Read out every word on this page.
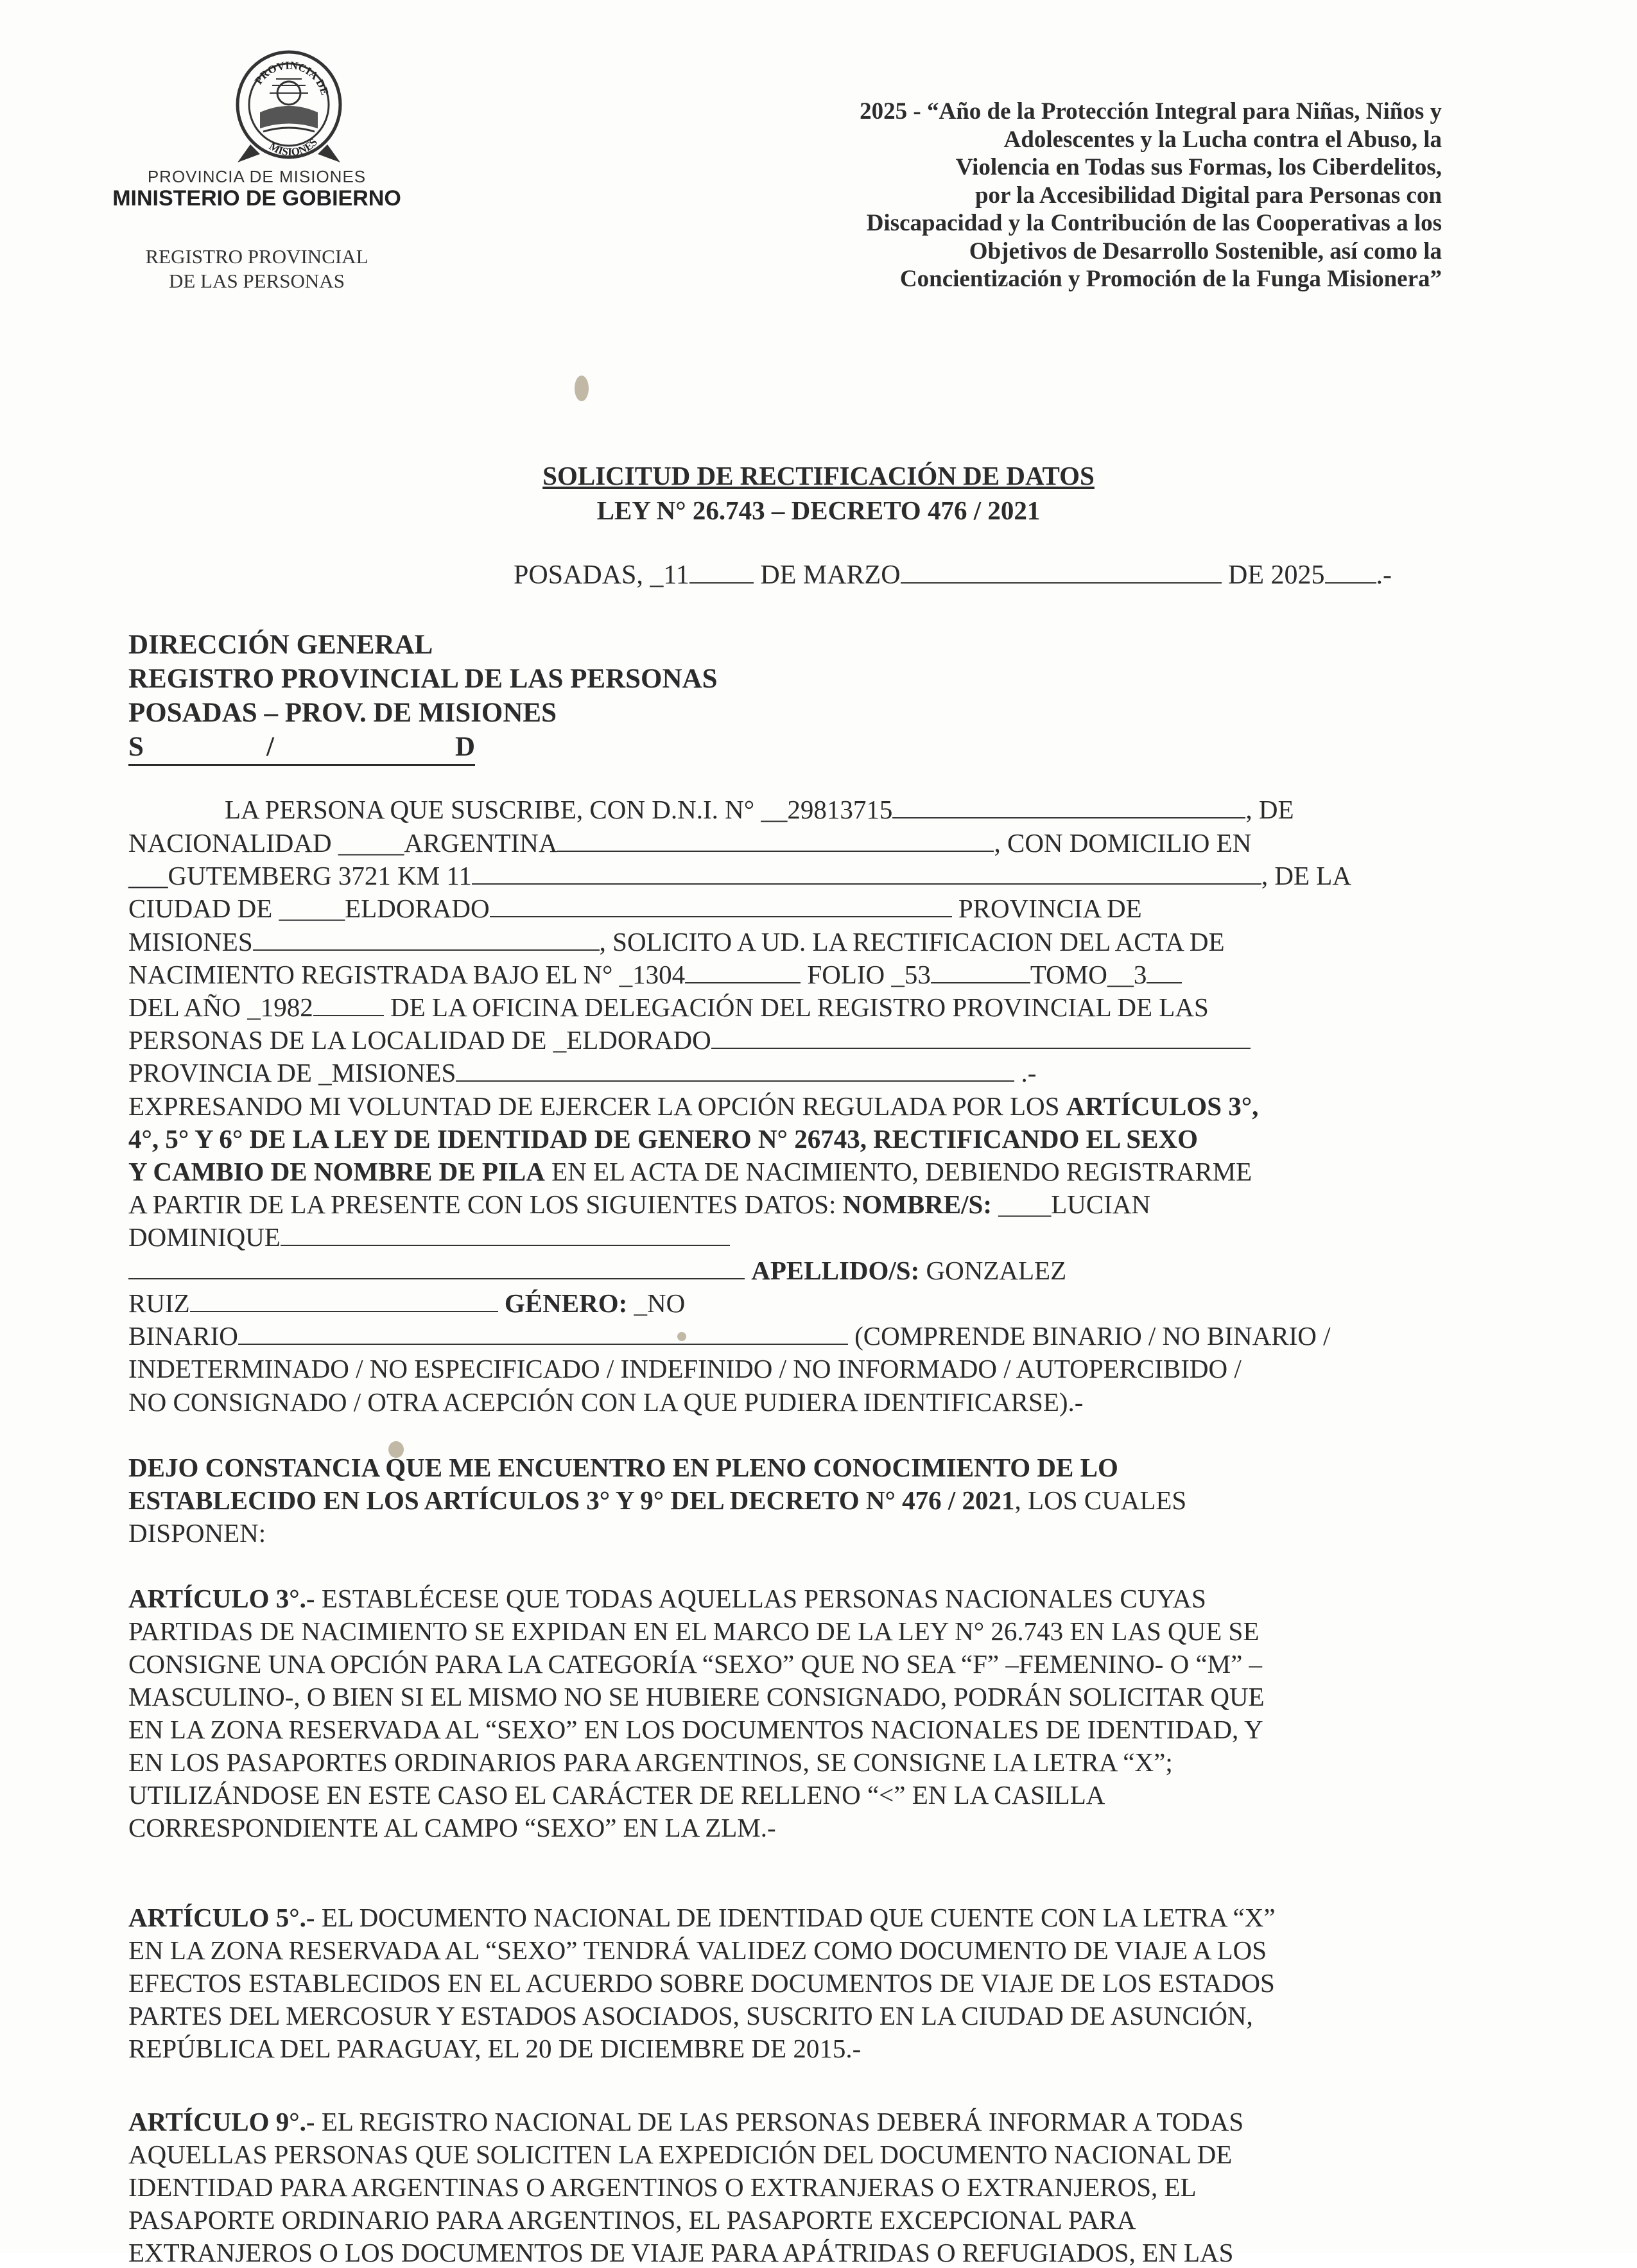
PROVINCIA DE
MISIONES
PROVINCIA DE MISIONES
MINISTERIO DE GOBIERNO
REGISTRO PROVINCIAL
DE LAS PERSONAS
2025 - “Año de la Protección Integral para Niñas, Niños y
Adolescentes y la Lucha contra el Abuso, la
Violencia en Todas sus Formas, los Ciberdelitos,
por la Accesibilidad Digital para Personas con
Discapacidad y la Contribución de las Cooperativas a los
Objetivos de Desarrollo Sostenible, así como la
Concientización y Promoción de la Funga Misionera”
SOLICITUD DE RECTIFICACIÓN DE DATOS
LEY N° 26.743 – DECRETO 476 / 2021
POSADAS, _11	DE MARZO	DE 2025 .-
DIRECCIÓN GENERAL
REGISTRO PROVINCIAL DE LAS PERSONAS
POSADAS – PROV. DE MISIONES
S	/	D
LA PERSONA QUE SUSCRIBE, CON D.N.I. N° __29813715	, DE
NACIONALIDAD _____ARGENTINA	, CON DOMICILIO EN
___GUTEMBERG 3721 KM 11	, DE LA
CIUDAD DE _____ELDORADO	PROVINCIA DE
MISIONES	, SOLICITO A UD. LA RECTIFICACION DEL ACTA DE
NACIMIENTO REGISTRADA BAJO EL N° _1304	FOLIO _53	TOMO__3
DEL AÑO _1982	DE LA OFICINA DELEGACIÓN DEL REGISTRO PROVINCIAL DE LAS
PERSONAS DE LA LOCALIDAD DE _ELDORADO
PROVINCIA DE _MISIONES	.-
EXPRESANDO MI VOLUNTAD DE EJERCER LA OPCIÓN REGULADA POR LOS ARTÍCULOS 3°,
4°, 5° Y 6° DE LA LEY DE IDENTIDAD DE GENERO N° 26743, RECTIFICANDO EL SEXO
Y CAMBIO DE NOMBRE DE PILA EN EL ACTA DE NACIMIENTO, DEBIENDO REGISTRARME
A PARTIR DE LA PRESENTE CON LOS SIGUIENTES DATOS: NOMBRE/S: ____LUCIAN
DOMINIQUE
APELLIDO/S: GONZALEZ
RUIZ	GÉNERO: _NO
BINARIO	(COMPRENDE BINARIO / NO BINARIO /
INDETERMINADO / NO ESPECIFICADO / INDEFINIDO / NO INFORMADO / AUTOPERCIBIDO /
NO CONSIGNADO / OTRA ACEPCIÓN CON LA QUE PUDIERA IDENTIFICARSE).-
DEJO CONSTANCIA QUE ME ENCUENTRO EN PLENO CONOCIMIENTO DE LO
ESTABLECIDO EN LOS ARTÍCULOS 3° Y 9° DEL DECRETO N° 476 / 2021, LOS CUALES
DISPONEN:
ARTÍCULO 3°.- ESTABLÉCESE QUE TODAS AQUELLAS PERSONAS NACIONALES CUYAS
PARTIDAS DE NACIMIENTO SE EXPIDAN EN EL MARCO DE LA LEY N° 26.743 EN LAS QUE SE
CONSIGNE UNA OPCIÓN PARA LA CATEGORÍA “SEXO” QUE NO SEA “F” –FEMENINO- O “M” –
MASCULINO-, O BIEN SI EL MISMO NO SE HUBIERE CONSIGNADO, PODRÁN SOLICITAR QUE
EN LA ZONA RESERVADA AL “SEXO” EN LOS DOCUMENTOS NACIONALES DE IDENTIDAD, Y
EN LOS PASAPORTES ORDINARIOS PARA ARGENTINOS, SE CONSIGNE LA LETRA “X”;
UTILIZÁNDOSE EN ESTE CASO EL CARÁCTER DE RELLENO “<” EN LA CASILLA
CORRESPONDIENTE AL CAMPO “SEXO” EN LA ZLM.-
ARTÍCULO 5°.- EL DOCUMENTO NACIONAL DE IDENTIDAD QUE CUENTE CON LA LETRA “X”
EN LA ZONA RESERVADA AL “SEXO” TENDRÁ VALIDEZ COMO DOCUMENTO DE VIAJE A LOS
EFECTOS ESTABLECIDOS EN EL ACUERDO SOBRE DOCUMENTOS DE VIAJE DE LOS ESTADOS
PARTES DEL MERCOSUR Y ESTADOS ASOCIADOS, SUSCRITO EN LA CIUDAD DE ASUNCIÓN,
REPÚBLICA DEL PARAGUAY, EL 20 DE DICIEMBRE DE 2015.-
ARTÍCULO 9°.- EL REGISTRO NACIONAL DE LAS PERSONAS DEBERÁ INFORMAR A TODAS
AQUELLAS PERSONAS QUE SOLICITEN LA EXPEDICIÓN DEL DOCUMENTO NACIONAL DE
IDENTIDAD PARA ARGENTINAS O ARGENTINOS O EXTRANJERAS O EXTRANJEROS, EL
PASAPORTE ORDINARIO PARA ARGENTINOS, EL PASAPORTE EXCEPCIONAL PARA
EXTRANJEROS O LOS DOCUMENTOS DE VIAJE PARA APÁTRIDAS O REFUGIADOS, EN LAS
